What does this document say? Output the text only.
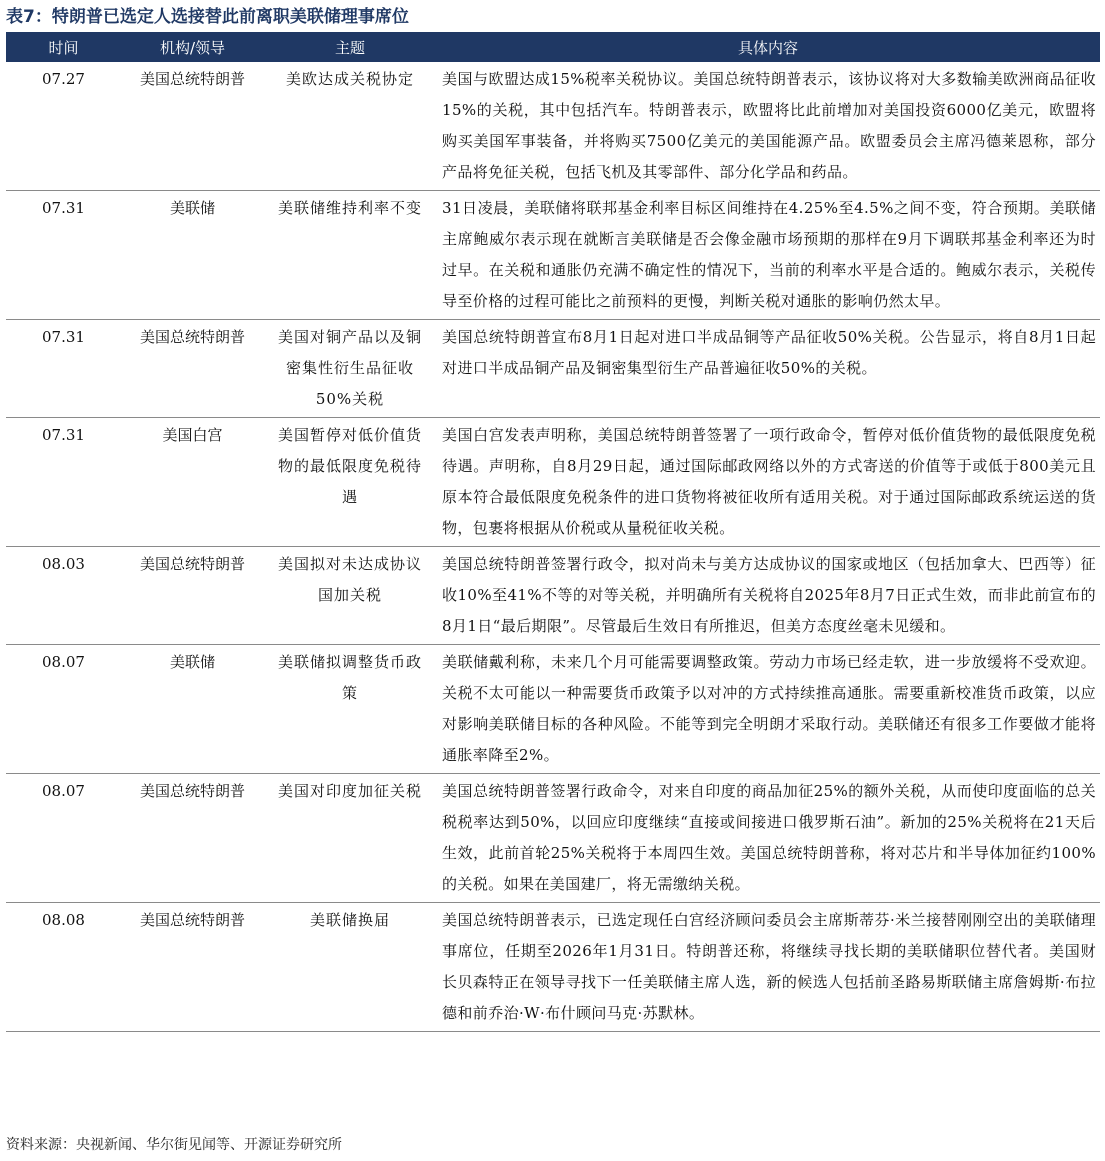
表7：特朗普已选定人选接替此前离职美联储理事席位
时间	机构/领导	主题	具体内容
07.27	美国总统特朗普	美欧达成关税协定	美国与欧盟达成15%税率关税协议。美国总统特朗普表示，该协议将对大多数输美欧洲商品征收15%的关税，其中包括汽车。特朗普表示，欧盟将比此前增加对美国投资6000亿美元，欧盟将购买美国军事装备，并将购买7500亿美元的美国能源产品。欧盟委员会主席冯德莱恩称，部分产品将免征关税，包括飞机及其零部件、部分化学品和药品。
07.31	美联储	美联储维持利率不变	31日凌晨，美联储将联邦基金利率目标区间维持在4.25%至4.5%之间不变，符合预期。美联储主席鲍威尔表示现在就断言美联储是否会像金融市场预期的那样在9月下调联邦基金利率还为时过早。在关税和通胀仍充满不确定性的情况下，当前的利率水平是合适的。鲍威尔表示，关税传导至价格的过程可能比之前预料的更慢，判断关税对通胀的影响仍然太早。
07.31	美国总统特朗普	美国对铜产品以及铜密集性衍生品征收50%关税	美国总统特朗普宣布8月1日起对进口半成品铜等产品征收50%关税。公告显示，将自8月1日起对进口半成品铜产品及铜密集型衍生产品普遍征收50%的关税。
07.31	美国白宫	美国暂停对低价值货物的最低限度免税待遇	美国白宫发表声明称，美国总统特朗普签署了一项行政命令，暂停对低价值货物的最低限度免税待遇。声明称，自8月29日起，通过国际邮政网络以外的方式寄送的价值等于或低于800美元且原本符合最低限度免税条件的进口货物将被征收所有适用关税。对于通过国际邮政系统运送的货物，包裹将根据从价税或从量税征收关税。
08.03	美国总统特朗普	美国拟对未达成协议国加关税	美国总统特朗普签署行政令，拟对尚未与美方达成协议的国家或地区（包括加拿大、巴西等）征收10%至41%不等的对等关税，并明确所有关税将自2025年8月7日正式生效，而非此前宣布的8月1日“最后期限”。尽管最后生效日有所推迟，但美方态度丝毫未见缓和。
08.07	美联储	美联储拟调整货币政策	美联储戴利称，未来几个月可能需要调整政策。劳动力市场已经走软，进一步放缓将不受欢迎。关税不太可能以一种需要货币政策予以对冲的方式持续推高通胀。需要重新校准货币政策，以应对影响美联储目标的各种风险。不能等到完全明朗才采取行动。美联储还有很多工作要做才能将通胀率降至2%。
08.07	美国总统特朗普	美国对印度加征关税	美国总统特朗普签署行政命令，对来自印度的商品加征25%的额外关税，从而使印度面临的总关税税率达到50%，以回应印度继续“直接或间接进口俄罗斯石油”。新加的25%关税将在21天后生效，此前首轮25%关税将于本周四生效。美国总统特朗普称，将对芯片和半导体加征约100%的关税。如果在美国建厂，将无需缴纳关税。
08.08	美国总统特朗普	美联储换届	美国总统特朗普表示，已选定现任白宫经济顾问委员会主席斯蒂芬·米兰接替刚刚空出的美联储理事席位，任期至2026年1月31日。特朗普还称，将继续寻找长期的美联储职位替代者。美国财长贝森特正在领导寻找下一任美联储主席人选，新的候选人包括前圣路易斯联储主席詹姆斯·布拉德和前乔治·W·布什顾问马克·苏默林。
资料来源：央视新闻、华尔街见闻等、开源证券研究所
